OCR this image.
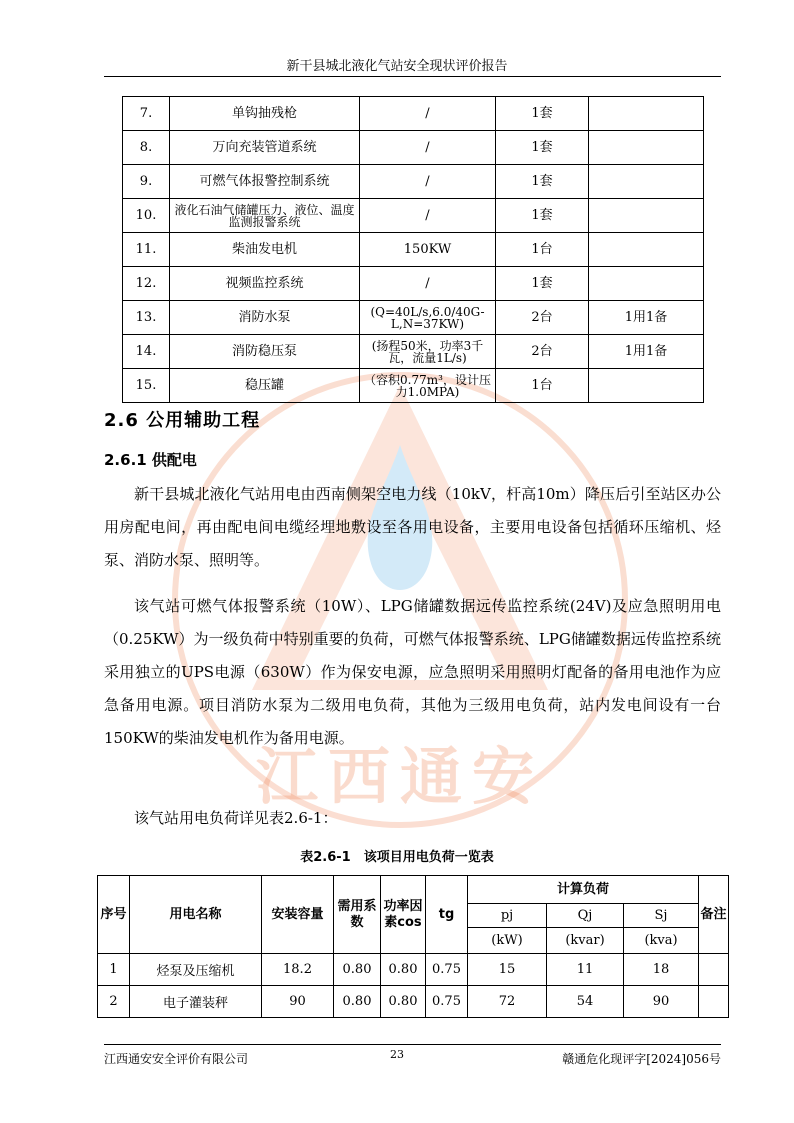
江西通安
新干县城北液化气站安全现状评价报告
7.	单钩抽残枪	/	1套	
8.	万向充装管道系统	/	1套	
9.	可燃气体报警控制系统	/	1套	
10.	液化石油气储罐压力、液位、温度监测报警系统	/	1套	
11.	柴油发电机	150KW	1台	
12.	视频监控系统	/	1套	
13.	消防水泵	(Q=40L/s,6.0/40G-L,N=37KW)	2台	1用1备
14.	消防稳压泵	(扬程50米，功率3千瓦，流量1L/s)	2台	1用1备
15.	稳压罐	（容积0.77m³，设计压力1.0MPA)	1台	
2.6 公用辅助工程
2.6.1 供配电
新干县城北液化气站用电由西南侧架空电力线（10kV，杆高10m）降压后引至站区办公用房配电间，再由配电间电缆经埋地敷设至各用电设备，主要用电设备包括循环压缩机、烃泵、消防水泵、照明等。
该气站可燃气体报警系统（10W）、LPG储罐数据远传监控系统(24V)及应急照明用电（0.25KW）为一级负荷中特别重要的负荷，可燃气体报警系统、LPG储罐数据远传监控系统采用独立的UPS电源（630W）作为保安电源，应急照明采用照明灯配备的备用电池作为应急备用电源。项目消防水泵为二级用电负荷，其他为三级用电负荷，站内发电间设有一台150KW的柴油发电机作为备用电源。
该气站用电负荷详见表2.6-1：
表2.6-1　该项目用电负荷一览表
序号	用电名称	安装容量	需用系数	功率因素cos	tg	计算负荷			备注
						pj	Qj	Sj	
						(kW)	(kvar)	(kva)	
1	烃泵及压缩机	18.2	0.80	0.80	0.75	15	11	18	
2	电子灌装秤	90	0.80	0.80	0.75	72	54	90	
江西通安安全评价有限公司	23	赣通危化现评字[2024]056号
